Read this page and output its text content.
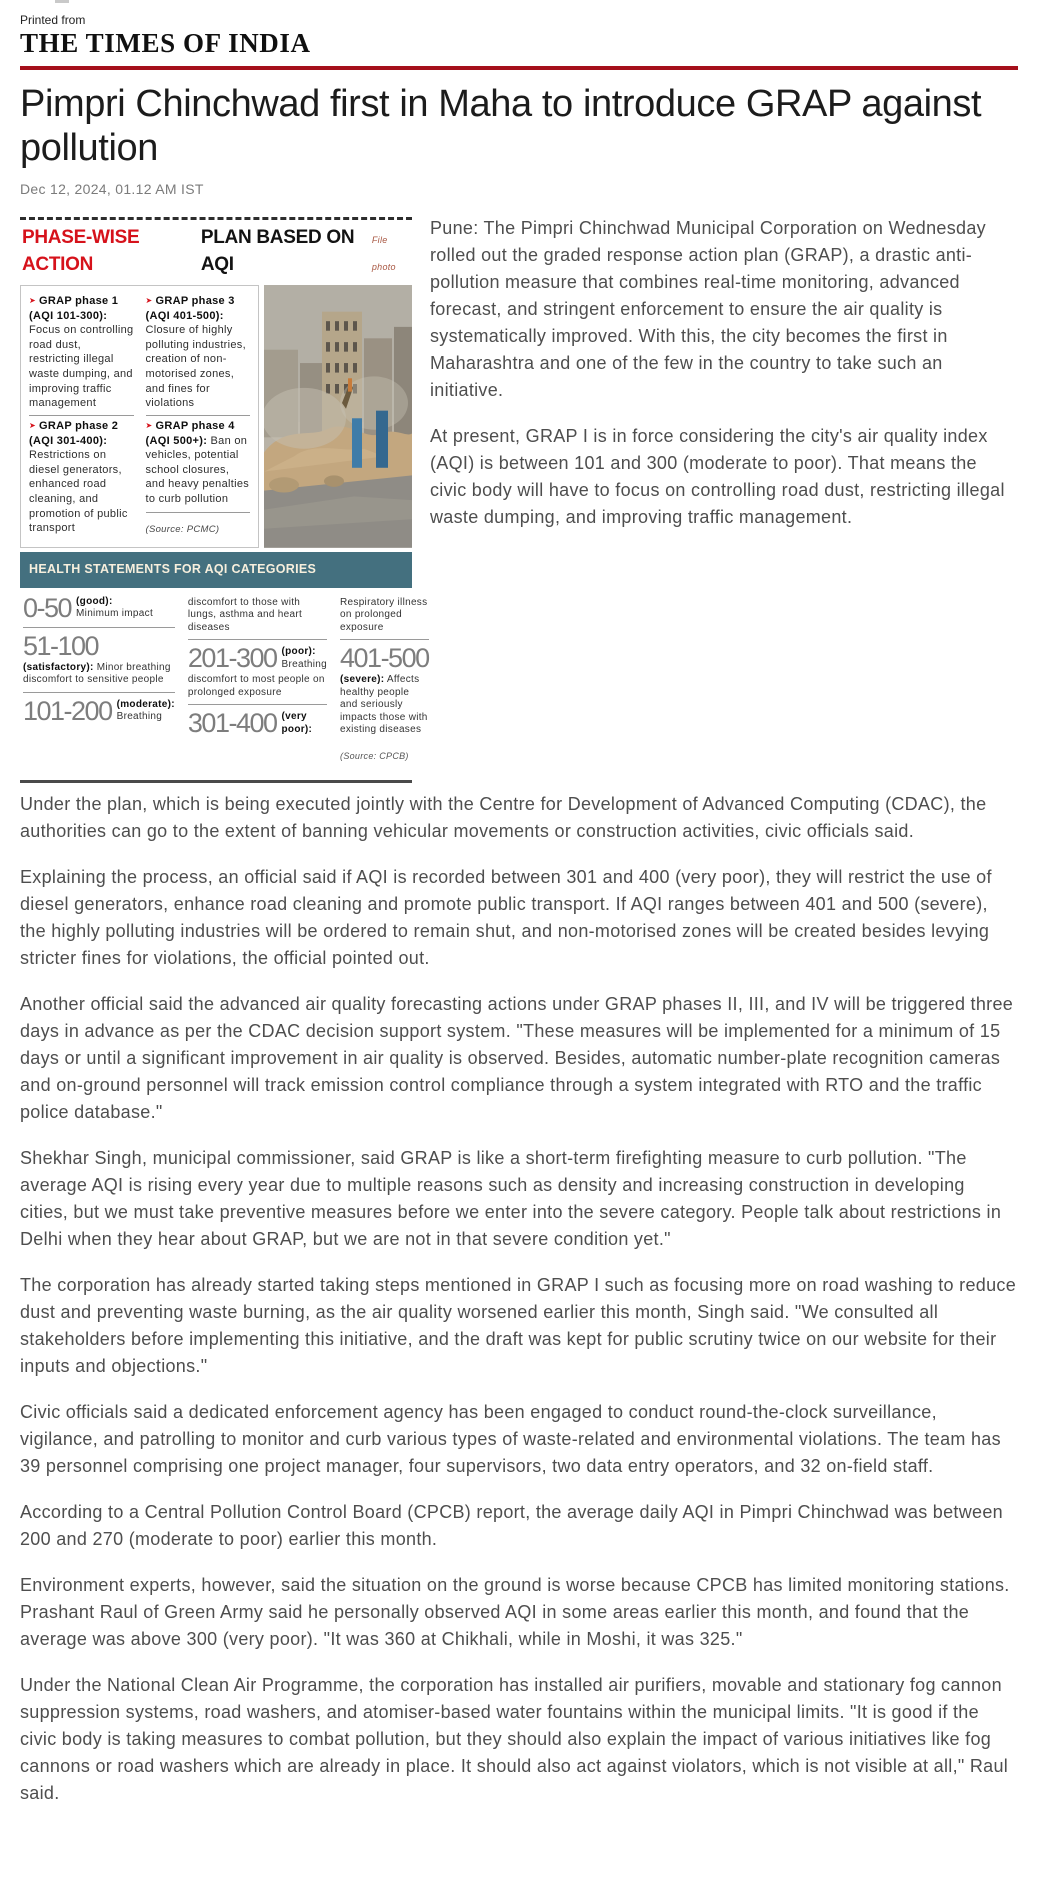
Printed from
THE TIMES OF INDIA
Pimpri Chinchwad first in Maha to introduce GRAP against pollution
Dec 12, 2024, 01.12 AM IST
PHASE-WISE ACTION
PLAN BASED ON AQI
File photo
➤ GRAP phase 1 (AQI 101-300): Focus on controlling road dust, restricting illegal waste dumping, and improving traffic management
➤ GRAP phase 2 (AQI 301-400): Restrictions on diesel generators, enhanced road cleaning, and promotion of public transport
➤ GRAP phase 3 (AQI 401-500): Closure of highly polluting industries, creation of non-motorised zones, and fines for violations
➤ GRAP phase 4 (AQI 500+): Ban on vehicles, potential school closures, and heavy penalties to curb pollution
(Source: PCMC)
HEALTH STATEMENTS FOR AQI CATEGORIES
0-50 (good):
Minimum impact
51-100
(satisfactory): Minor breathing discomfort to sensitive people
101-200 (moderate):
Breathing
discomfort to those with lungs, asthma and heart diseases
201-300 (poor):
Breathing
discomfort to most people on prolonged exposure
301-400 (very poor):
Respiratory illness on prolonged exposure
401-500
(severe): Affects healthy people and seriously impacts those with existing diseases
(Source: CPCB)

Pune: The Pimpri Chinchwad Municipal Corporation on Wednesday rolled out the graded response action plan (GRAP), a drastic anti-pollution measure that combines real-time monitoring, advanced forecast, and stringent enforcement to ensure the air quality is systematically improved. With this, the city becomes the first in Maharashtra and one of the few in the country to take such an initiative.

At present, GRAP I is in force considering the city's air quality index (AQI) is between 101 and 300 (moderate to poor). That means the civic body will have to focus on controlling road dust, restricting illegal waste dumping, and improving traffic management.

Under the plan, which is being executed jointly with the Centre for Development of Advanced Computing (CDAC), the authorities can go to the extent of banning vehicular movements or construction activities, civic officials said.

Explaining the process, an official said if AQI is recorded between 301 and 400 (very poor), they will restrict the use of diesel generators, enhance road cleaning and promote public transport. If AQI ranges between 401 and 500 (severe), the highly polluting industries will be ordered to remain shut, and non-motorised zones will be created besides levying stricter fines for violations, the official pointed out.

Another official said the advanced air quality forecasting actions under GRAP phases II, III, and IV will be triggered three days in advance as per the CDAC decision support system. "These measures will be implemented for a minimum of 15 days or until a significant improvement in air quality is observed. Besides, automatic number-plate recognition cameras and on-ground personnel will track emission control compliance through a system integrated with RTO and the traffic police database."

Shekhar Singh, municipal commissioner, said GRAP is like a short-term firefighting measure to curb pollution. "The average AQI is rising every year due to multiple reasons such as density and increasing construction in developing cities, but we must take preventive measures before we enter into the severe category. People talk about restrictions in Delhi when they hear about GRAP, but we are not in that severe condition yet."

The corporation has already started taking steps mentioned in GRAP I such as focusing more on road washing to reduce dust and preventing waste burning, as the air quality worsened earlier this month, Singh said. "We consulted all stakeholders before implementing this initiative, and the draft was kept for public scrutiny twice on our website for their inputs and objections."

Civic officials said a dedicated enforcement agency has been engaged to conduct round-the-clock surveillance, vigilance, and patrolling to monitor and curb various types of waste-related and environmental violations. The team has 39 personnel comprising one project manager, four supervisors, two data entry operators, and 32 on-field staff.

According to a Central Pollution Control Board (CPCB) report, the average daily AQI in Pimpri Chinchwad was between 200 and 270 (moderate to poor) earlier this month.

Environment experts, however, said the situation on the ground is worse because CPCB has limited monitoring stations. Prashant Raul of Green Army said he personally observed AQI in some areas earlier this month, and found that the average was above 300 (very poor). "It was 360 at Chikhali, while in Moshi, it was 325."

Under the National Clean Air Programme, the corporation has installed air purifiers, movable and stationary fog cannon suppression systems, road washers, and atomiser-based water fountains within the municipal limits. "It is good if the civic body is taking measures to combat pollution, but they should also explain the impact of various initiatives like fog cannons or road washers which are already in place. It should also act against violators, which is not visible at all," Raul said.
